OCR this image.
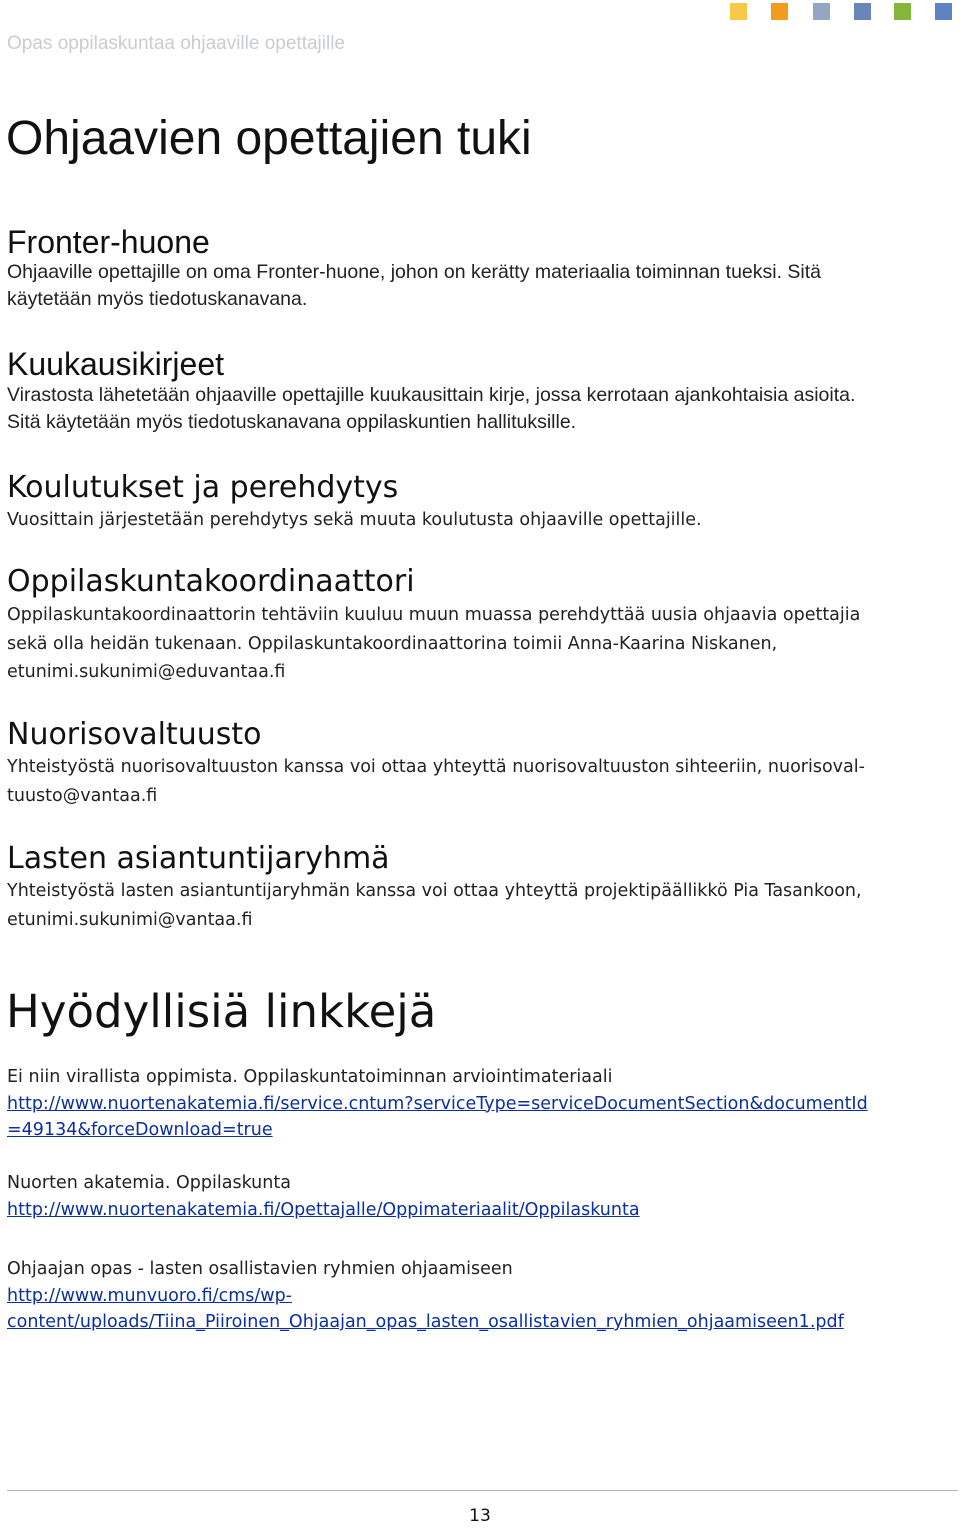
Opas oppilaskuntaa ohjaaville opettajille
Ohjaavien opettajien tuki
Fronter-huone
Ohjaaville opettajille on oma Fronter-huone, johon on kerätty materiaalia toiminnan tueksi. Sitä
käytetään myös tiedotuskanavana.
Kuukausikirjeet
Virastosta lähetetään ohjaaville opettajille kuukausittain kirje, jossa kerrotaan ajankohtaisia asioita.
Sitä käytetään myös tiedotuskanavana oppilaskuntien hallituksille.
Koulutukset ja perehdytys
Vuosittain järjestetään perehdytys sekä muuta koulutusta ohjaaville opettajille.
Oppilaskuntakoordinaattori
Oppilaskuntakoordinaattorin tehtäviin kuuluu muun muassa perehdyttää uusia ohjaavia opettajia
sekä olla heidän tukenaan. Oppilaskuntakoordinaattorina toimii Anna-Kaarina Niskanen,
etunimi.sukunimi@eduvantaa.fi
Nuorisovaltuusto
Yhteistyöstä nuorisovaltuuston kanssa voi ottaa yhteyttä nuorisovaltuuston sihteeriin, nuorisoval-
tuusto@vantaa.fi
Lasten asiantuntijaryhmä
Yhteistyöstä lasten asiantuntijaryhmän kanssa voi ottaa yhteyttä projektipäällikkö Pia Tasankoon,
etunimi.sukunimi@vantaa.fi
Hyödyllisiä linkkejä
Ei niin virallista oppimista. Oppilaskuntatoiminnan arviointimateriaali
http://www.nuortenakatemia.fi/service.cntum?serviceType=serviceDocumentSection&documentId
=49134&forceDownload=true
Nuorten akatemia. Oppilaskunta
http://www.nuortenakatemia.fi/Opettajalle/Oppimateriaalit/Oppilaskunta
Ohjaajan opas - lasten osallistavien ryhmien ohjaamiseen
http://www.munvuoro.fi/cms/wp-
content/uploads/Tiina_Piiroinen_Ohjaajan_opas_lasten_osallistavien_ryhmien_ohjaamiseen1.pdf
13
